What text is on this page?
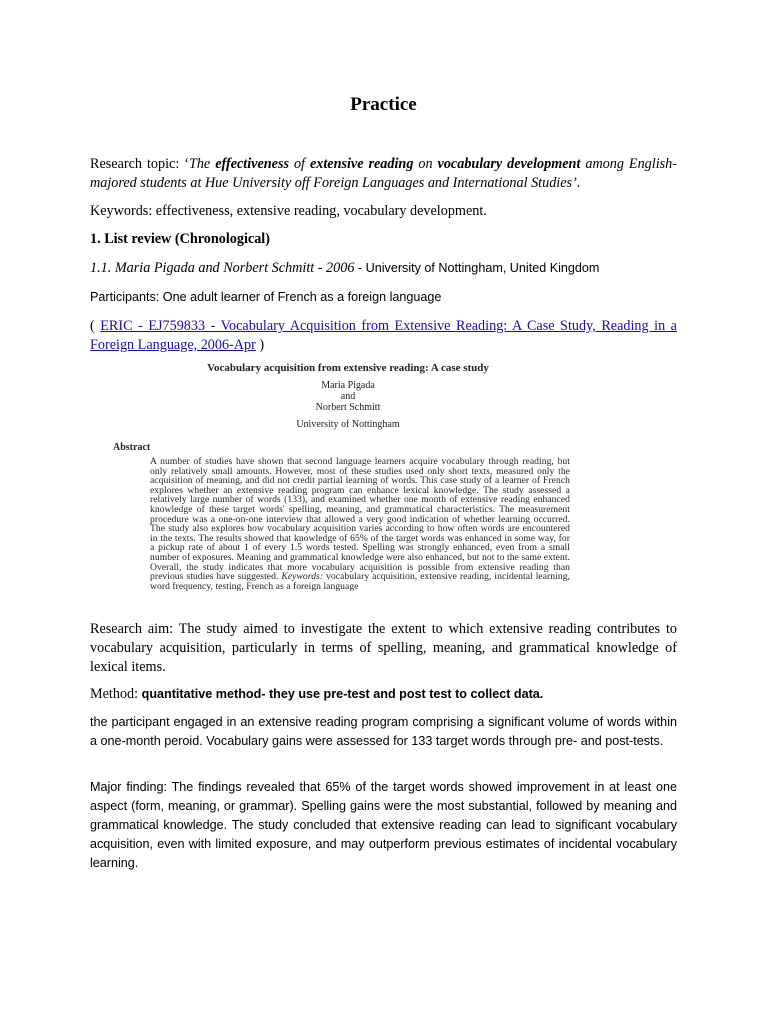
Practice
Research topic: ‘The effectiveness of extensive reading on vocabulary development among English-majored students at Hue University off Foreign Languages and International Studies’.
Keywords: effectiveness, extensive reading, vocabulary development.
1. List review (Chronological)
1.1. Maria Pigada and Norbert Schmitt - 2006 - University of Nottingham, United Kingdom
Participants: One adult learner of French as a foreign language
( ERIC - EJ759833 - Vocabulary Acquisition from Extensive Reading: A Case Study, Reading in a Foreign Language, 2006-Apr )
Vocabulary acquisition from extensive reading: A case study
Maria Pigada
and
Norbert Schmitt
University of Nottingham
Abstract
A number of studies have shown that second language learners acquire vocabulary through reading, but only relatively small amounts. However, most of these studies used only short texts, measured only the acquisition of meaning, and did not credit partial learning of words. This case study of a learner of French explores whether an extensive reading program can enhance lexical knowledge. The study assessed a relatively large number of words (133), and examined whether one month of extensive reading enhanced knowledge of these target words' spelling, meaning, and grammatical characteristics. The measurement procedure was a one-on-one interview that allowed a very good indication of whether learning occurred. The study also explores how vocabulary acquisition varies according to how often words are encountered in the texts. The results showed that knowledge of 65% of the target words was enhanced in some way, for a pickup rate of about 1 of every 1.5 words tested. Spelling was strongly enhanced, even from a small number of exposures. Meaning and grammatical knowledge were also enhanced, but not to the same extent. Overall, the study indicates that more vocabulary acquisition is possible from extensive reading than previous studies have suggested. Keywords: vocabulary acquisition, extensive reading, incidental learning, word frequency, testing, French as a foreign language
Research aim: The study aimed to investigate the extent to which extensive reading contributes to vocabulary acquisition, particularly in terms of spelling, meaning, and grammatical knowledge of lexical items.
Method: quantitative method- they use pre-test and post test to collect data.
the participant engaged in an extensive reading program comprising a significant volume of words within a one-month peroid. Vocabulary gains were assessed for 133 target words through pre- and post-tests.
Major finding: The findings revealed that 65% of the target words showed improvement in at least one aspect (form, meaning, or grammar). Spelling gains were the most substantial, followed by meaning and grammatical knowledge. The study concluded that extensive reading can lead to significant vocabulary acquisition, even with limited exposure, and may outperform previous estimates of incidental vocabulary learning.
